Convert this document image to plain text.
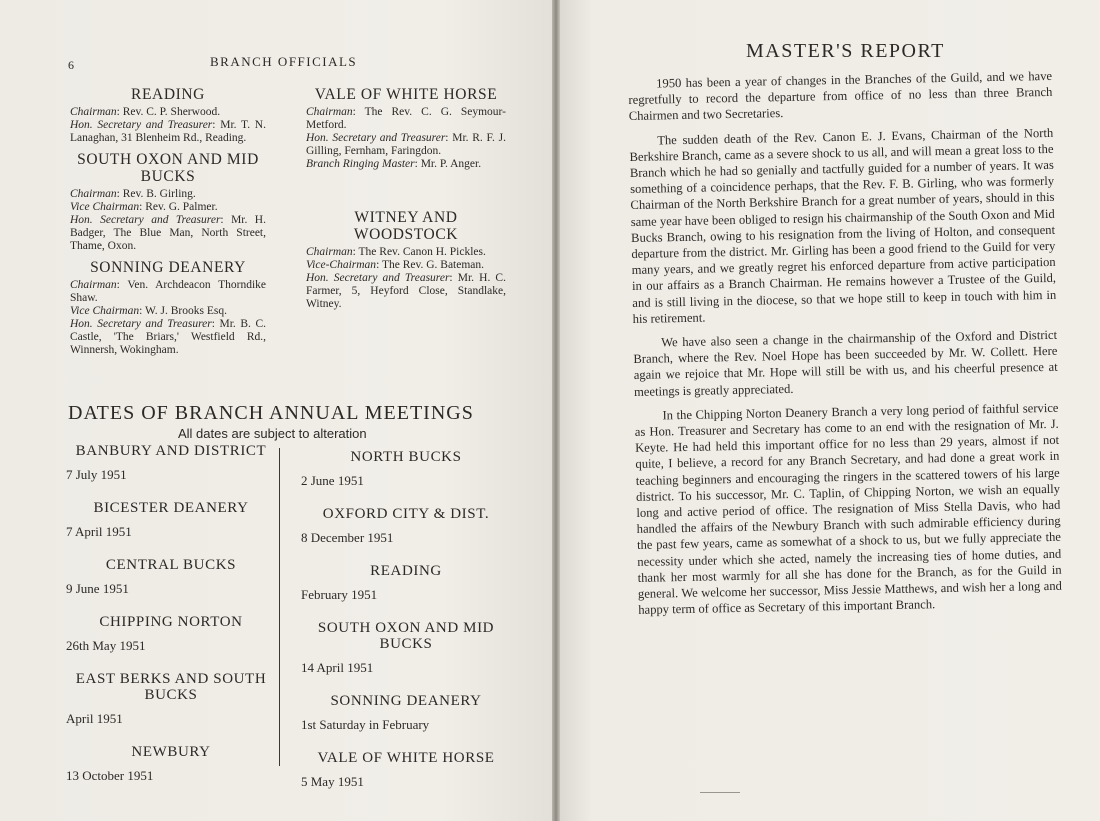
6	BRANCH OFFICIALS
READING

Chairman: Rev. C. P. Sherwood.

Hon. Secretary and Treasurer: Mr. T. N. Lanaghan, 31 Blenheim Rd., Reading.

SOUTH OXON AND MID BUCKS

Chairman: Rev. B. Girling.

Vice Chairman: Rev. G. Palmer.

Hon. Secretary and Treasurer: Mr. H. Badger, The Blue Man, North Street, Thame, Oxon.

SONNING DEANERY

Chairman: Ven. Archdeacon Thorndike Shaw.

Vice Chairman: W. J. Brooks Esq.

Hon. Secretary and Treasurer: Mr. B. C. Castle, 'The Briars,' Westfield Rd., Winnersh, Wokingham.

VALE OF WHITE HORSE

Chairman: The Rev. C. G. Seymour-Metford.

Hon. Secretary and Treasurer: Mr. R. F. J. Gilling, Fernham, Faringdon.

Branch Ringing Master: Mr. P. Anger.

WITNEY AND WOODSTOCK

Chairman: The Rev. Canon H. Pickles.

Vice-Chairman: The Rev. G. Bateman.

Hon. Secretary and Treasurer: Mr. H. C. Farmer, 5, Heyford Close, Standlake, Witney.

DATES OF BRANCH ANNUAL MEETINGS
All dates are subject to alteration
BANBURY AND DISTRICT
7 July 1951
BICESTER DEANERY
7 April 1951
CENTRAL BUCKS
9 June 1951
CHIPPING NORTON
26th May 1951
EAST BERKS AND SOUTH BUCKS
April 1951
NEWBURY
13 October 1951
NORTH BUCKS
2 June 1951
OXFORD CITY & DIST.
8 December 1951
READING
February 1951
SOUTH OXON AND MID BUCKS
14 April 1951
SONNING DEANERY
1st Saturday in February
VALE OF WHITE HORSE
5 May 1951
MASTER'S REPORT

1950 has been a year of changes in the Branches of the Guild, and we have regretfully to record the departure from office of no less than three Branch Chairmen and two Secretaries.

The sudden death of the Rev. Canon E. J. Evans, Chairman of the North Berkshire Branch, came as a severe shock to us all, and will mean a great loss to the Branch which he had so genially and tactfully guided for a number of years. It was something of a coincidence perhaps, that the Rev. F. B. Girling, who was formerly Chairman of the North Berkshire Branch for a great number of years, should in this same year have been obliged to resign his chairmanship of the South Oxon and Mid Bucks Branch, owing to his resignation from the living of Holton, and consequent departure from the district. Mr. Girling has been a good friend to the Guild for very many years, and we greatly regret his enforced departure from active participation in our affairs as a Branch Chairman. He remains however a Trustee of the Guild, and is still living in the diocese, so that we hope still to keep in touch with him in his retirement.

We have also seen a change in the chairmanship of the Oxford and District Branch, where the Rev. Noel Hope has been succeeded by Mr. W. Collett. Here again we rejoice that Mr. Hope will still be with us, and his cheerful presence at meetings is greatly appreciated.

In the Chipping Norton Deanery Branch a very long period of faithful service as Hon. Treasurer and Secretary has come to an end with the resignation of Mr. J. Keyte. He had held this important office for no less than 29 years, almost if not quite, I believe, a record for any Branch Secretary, and had done a great work in teaching beginners and encouraging the ringers in the scattered towers of his large district. To his successor, Mr. C. Taplin, of Chipping Norton, we wish an equally long and active period of office. The resignation of Miss Stella Davis, who had handled the affairs of the Newbury Branch with such admirable efficiency during the past few years, came as somewhat of a shock to us, but we fully appreciate the necessity under which she acted, namely the increasing ties of home duties, and thank her most warmly for all she has done for the Branch, as for the Guild in general. We welcome her successor, Miss Jessie Matthews, and wish her a long and happy term of office as Secretary of this important Branch.
